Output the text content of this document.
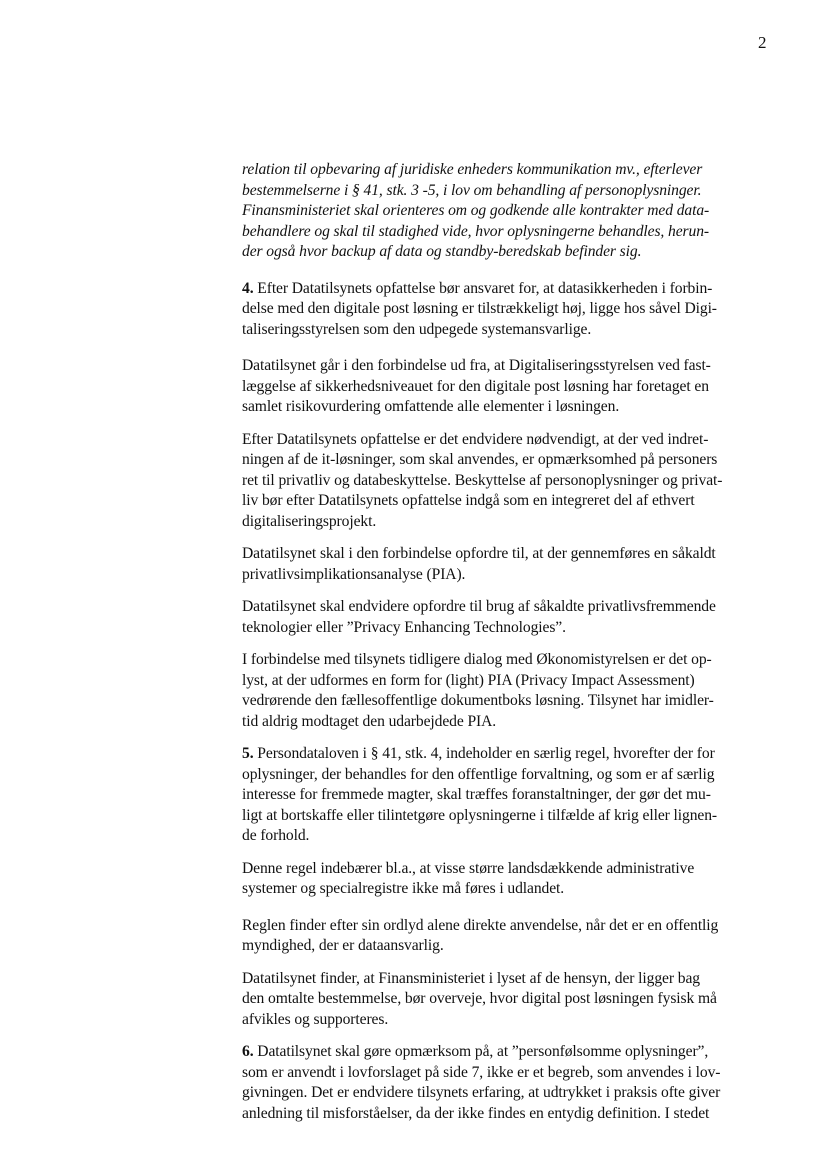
2
relation til opbevaring af juridiske enheders kommunikation mv., efterlever
bestemmelserne i § 41, stk. 3 -5, i lov om behandling af personoplysninger.
Finansministeriet skal orienteres om og godkende alle kontrakter med data-
behandlere og skal til stadighed vide, hvor oplysningerne behandles, herun-
der også hvor backup af data og standby-beredskab befinder sig.
4. Efter Datatilsynets opfattelse bør ansvaret for, at datasikkerheden i forbin-
delse med den digitale post løsning er tilstrækkeligt høj, ligge hos såvel Digi-
taliseringsstyrelsen som den udpegede systemansvarlige.
Datatilsynet går i den forbindelse ud fra, at Digitaliseringsstyrelsen ved fast-
læggelse af sikkerhedsniveauet for den digitale post løsning har foretaget en
samlet risikovurdering omfattende alle elementer i løsningen.
Efter Datatilsynets opfattelse er det endvidere nødvendigt, at der ved indret-
ningen af de it-løsninger, som skal anvendes, er opmærksomhed på personers
ret til privatliv og databeskyttelse. Beskyttelse af personoplysninger og privat-
liv bør efter Datatilsynets opfattelse indgå som en integreret del af ethvert
digitaliseringsprojekt.
Datatilsynet skal i den forbindelse opfordre til, at der gennemføres en såkaldt
privatlivsimplikationsanalyse (PIA).
Datatilsynet skal endvidere opfordre til brug af såkaldte privatlivsfremmende
teknologier eller ”Privacy Enhancing Technologies”.
I forbindelse med tilsynets tidligere dialog med Økonomistyrelsen er det op-
lyst, at der udformes en form for (light) PIA (Privacy Impact Assessment)
vedrørende den fællesoffentlige dokumentboks løsning. Tilsynet har imidler-
tid aldrig modtaget den udarbejdede PIA.
5. Persondataloven i § 41, stk. 4, indeholder en særlig regel, hvorefter der for
oplysninger, der behandles for den offentlige forvaltning, og som er af særlig
interesse for fremmede magter, skal træffes foranstaltninger, der gør det mu-
ligt at bortskaffe eller tilintetgøre oplysningerne i tilfælde af krig eller lignen-
de forhold.
Denne regel indebærer bl.a., at visse større landsdækkende administrative
systemer og specialregistre ikke må føres i udlandet.
Reglen finder efter sin ordlyd alene direkte anvendelse, når det er en offentlig
myndighed, der er dataansvarlig.
Datatilsynet finder, at Finansministeriet i lyset af de hensyn, der ligger bag
den omtalte bestemmelse, bør overveje, hvor digital post løsningen fysisk må
afvikles og supporteres.
6. Datatilsynet skal gøre opmærksom på, at ”personfølsomme oplysninger”,
som er anvendt i lovforslaget på side 7, ikke er et begreb, som anvendes i lov-
givningen. Det er endvidere tilsynets erfaring, at udtrykket i praksis ofte giver
anledning til misforståelser, da der ikke findes en entydig definition. I stedet
